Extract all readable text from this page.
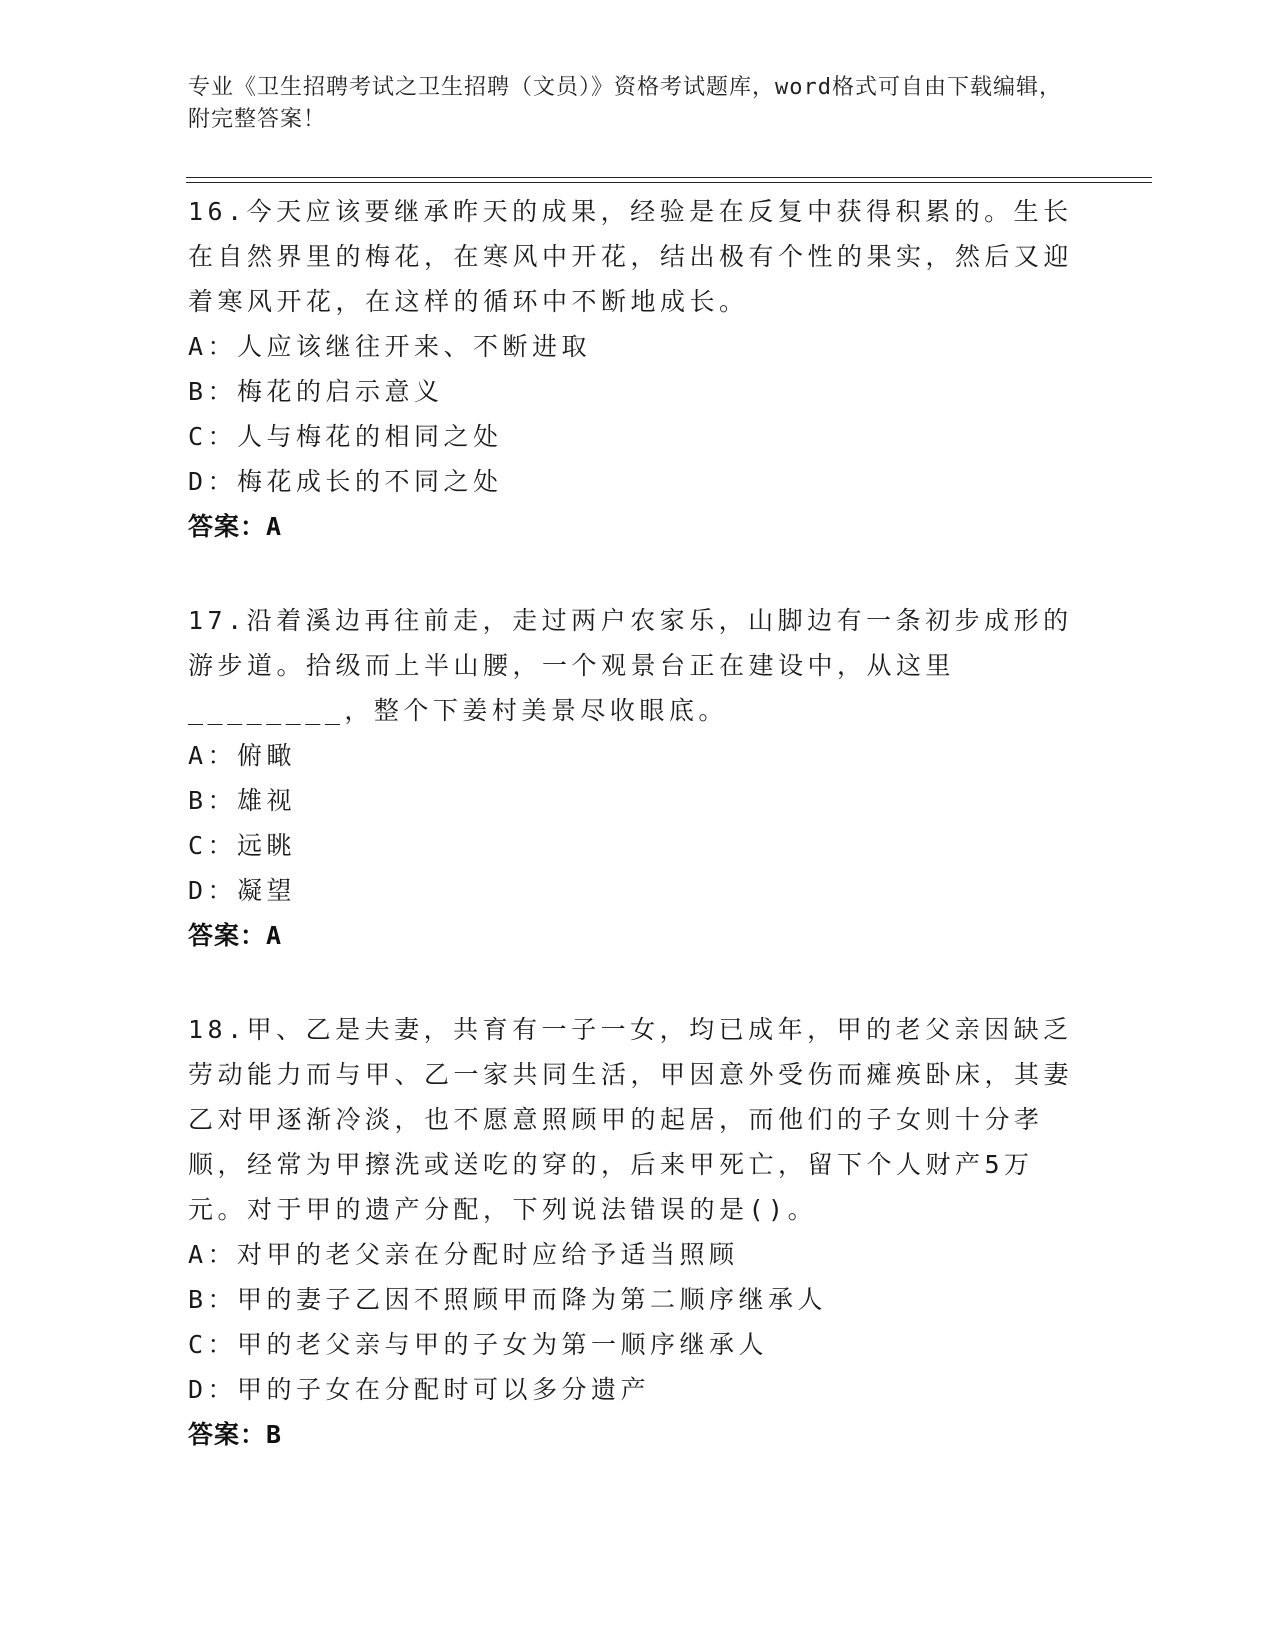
专业《卫生招聘考试之卫生招聘（文员）》资格考试题库，word格式可自由下载编辑，附完整答案！
16.今天应该要继承昨天的成果，经验是在反复中获得积累的。生长在自然界里的梅花，在寒风中开花，结出极有个性的果实，然后又迎着寒风开花，在这样的循环中不断地成长。
A：人应该继往开来、不断进取
B：梅花的启示意义
C：人与梅花的相同之处
D：梅花成长的不同之处
答案：A
17.沿着溪边再往前走，走过两户农家乐，山脚边有一条初步成形的游步道。拾级而上半山腰，一个观景台正在建设中，从这里________，整个下姜村美景尽收眼底。
A：俯瞰
B：雄视
C：远眺
D：凝望
答案：A
18.甲、乙是夫妻，共育有一子一女，均已成年，甲的老父亲因缺乏劳动能力而与甲、乙一家共同生活，甲因意外受伤而瘫痪卧床，其妻乙对甲逐渐冷淡，也不愿意照顾甲的起居，而他们的子女则十分孝顺，经常为甲擦洗或送吃的穿的，后来甲死亡，留下个人财产5万元。对于甲的遗产分配，下列说法错误的是()。
A：对甲的老父亲在分配时应给予适当照顾
B：甲的妻子乙因不照顾甲而降为第二顺序继承人
C：甲的老父亲与甲的子女为第一顺序继承人
D：甲的子女在分配时可以多分遗产
答案：B
